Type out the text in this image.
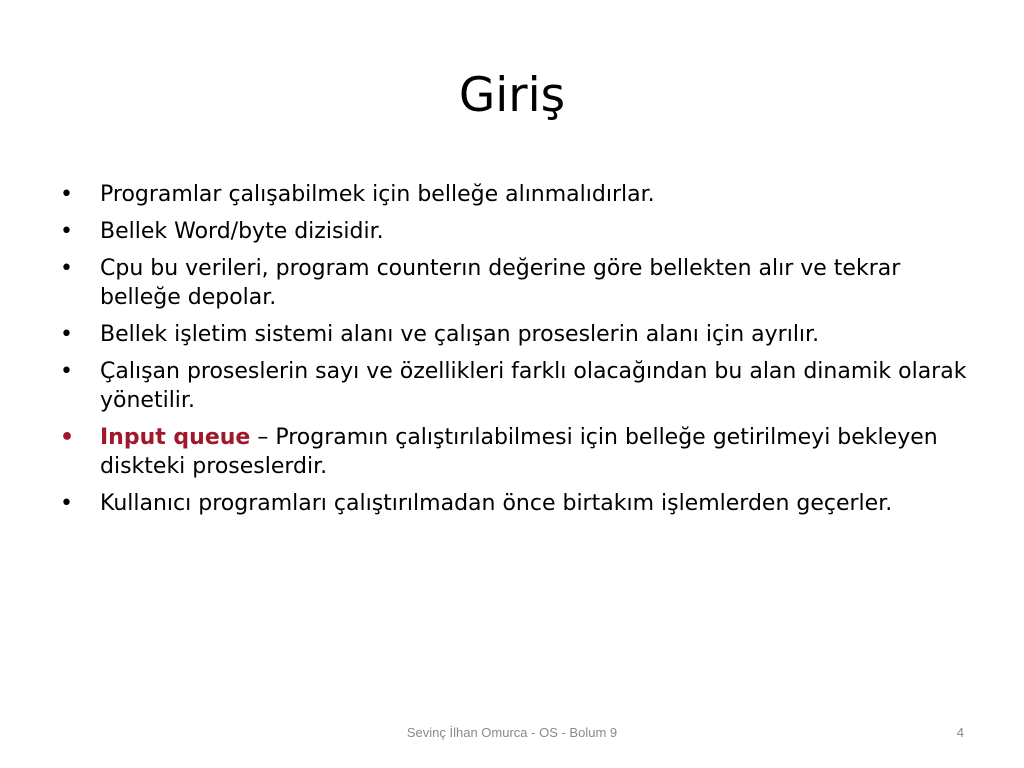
Giriş
•	Programlar çalışabilmek için belleğe alınmalıdırlar.
•	Bellek Word/byte dizisidir.
•	Cpu bu verileri, program counterın değerine göre bellekten alır ve tekrar belleğe depolar.
•	Bellek işletim sistemi alanı ve çalışan proseslerin alanı için ayrılır.
•	Çalışan proseslerin sayı ve özellikleri farklı olacağından bu alan dinamik olarak yönetilir.
•	Input queue – Programın çalıştırılabilmesi için belleğe getirilmeyi bekleyen diskteki proseslerdir.
•	Kullanıcı programları çalıştırılmadan önce birtakım işlemlerden geçerler.
Sevinç İlhan Omurca - OS - Bolum 9	4
